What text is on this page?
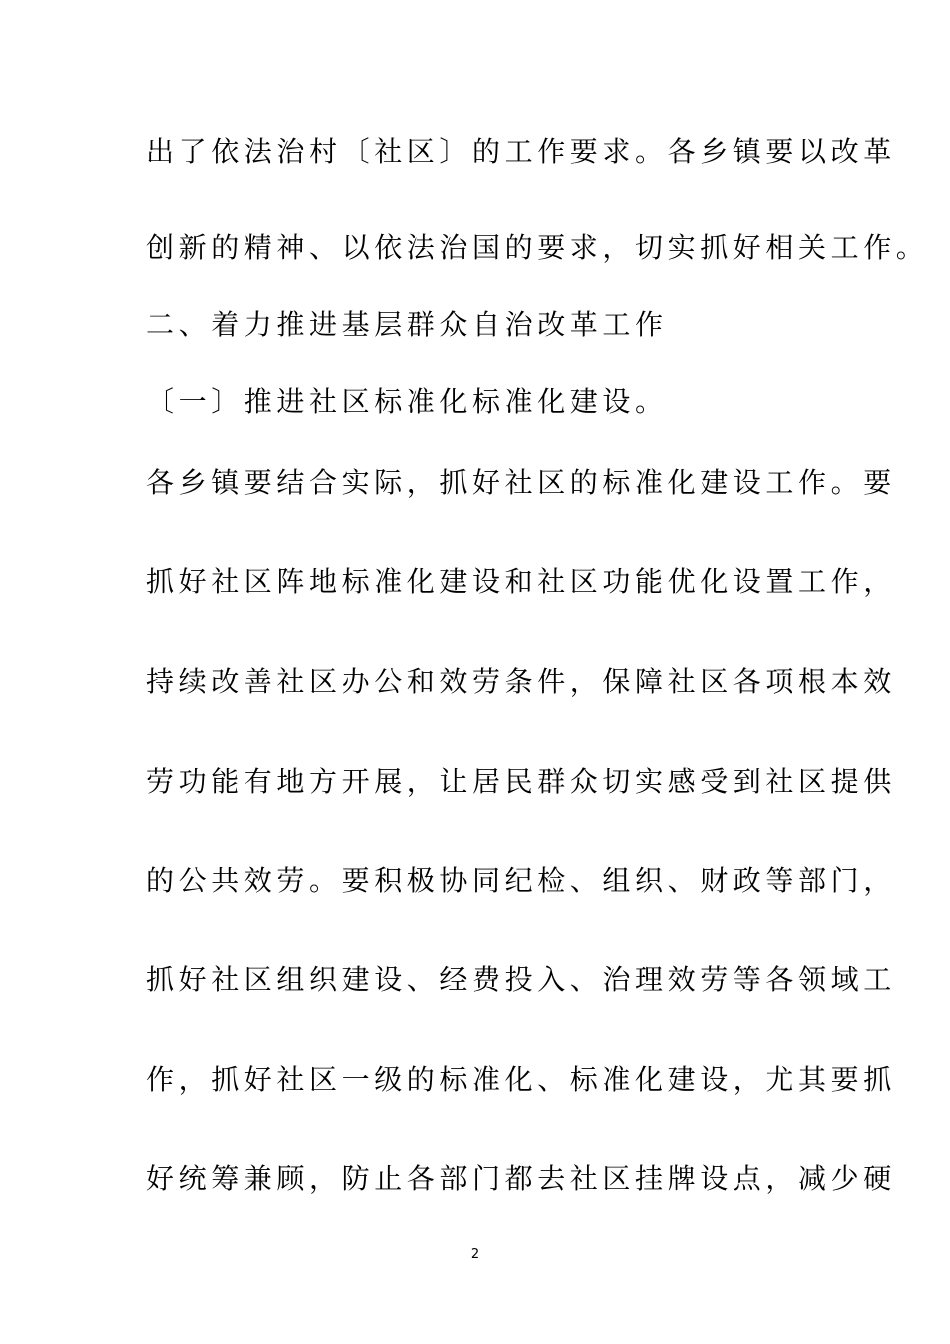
出了依法治村〔社区〕的工作要求。各乡镇要以改革
创新的精神、以依法治国的要求，切实抓好相关工作。
二、着力推进基层群众自治改革工作
〔一〕推进社区标准化标准化建设。
各乡镇要结合实际，抓好社区的标准化建设工作。要
抓好社区阵地标准化建设和社区功能优化设置工作，
持续改善社区办公和效劳条件，保障社区各项根本效
劳功能有地方开展，让居民群众切实感受到社区提供
的公共效劳。要积极协同纪检、组织、财政等部门，
抓好社区组织建设、经费投入、治理效劳等各领域工
作，抓好社区一级的标准化、标准化建设，尤其要抓
好统筹兼顾，防止各部门都去社区挂牌设点，减少硬
2
